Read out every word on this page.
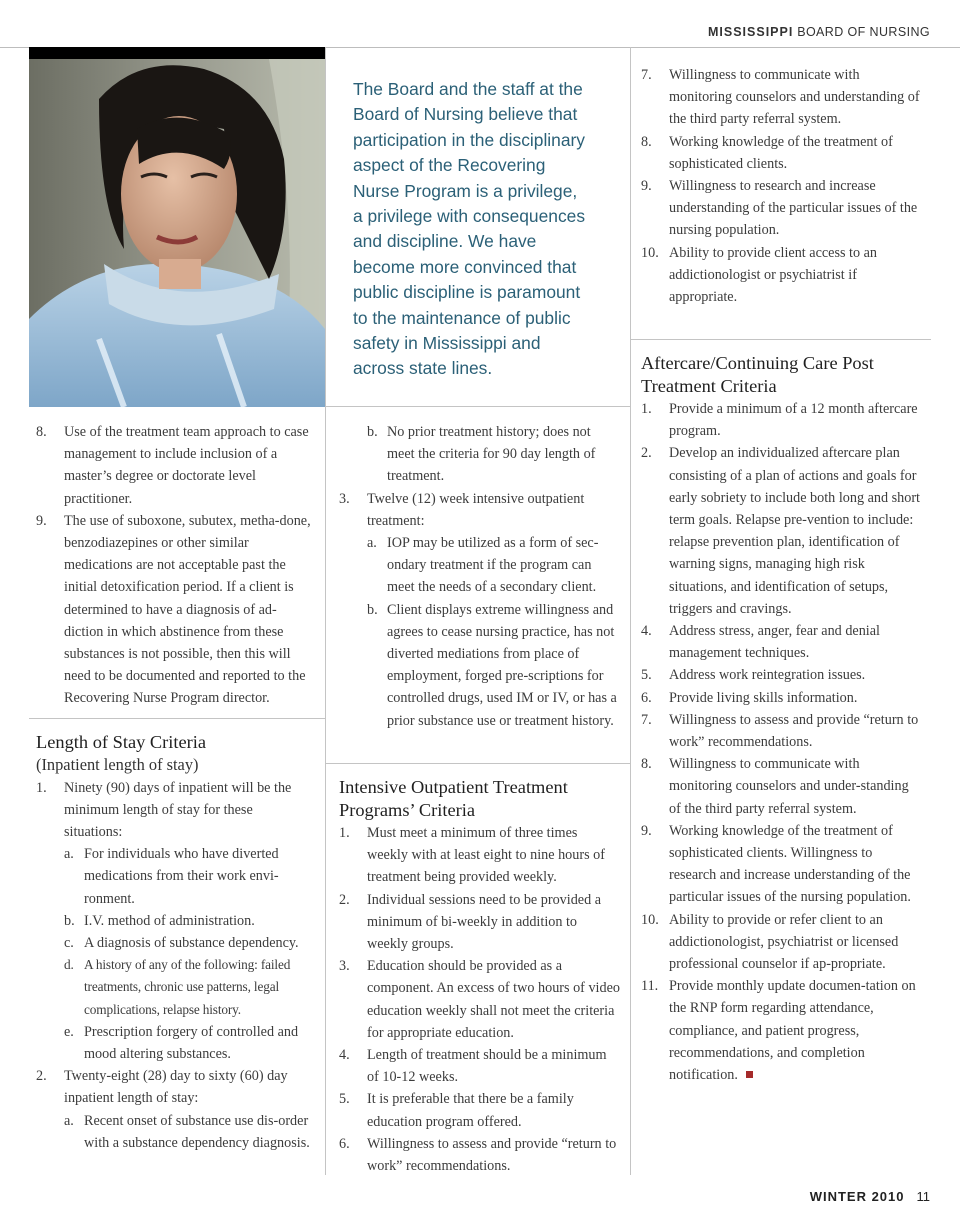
MISSISSIPPI BOARD OF NURSING
The Board and the staff at the
Board of Nursing believe that
participation in the disciplinary
aspect of the Recovering
Nurse Program is a privilege,
a privilege with consequences
and discipline. We have
become more convinced that
public discipline is paramount
to the maintenance of public
safety in Mississippi and
across state lines.
8. Use of the treatment team approach to case management to include inclusion of a master’s degree or doctorate level practitioner.
9. The use of suboxone, subutex, metha-done, benzodiazepines or other similar medications are not acceptable past the initial detoxification period. If a client is determined to have a diagnosis of ad-diction in which abstinence from these substances is not possible, then this will need to be documented and reported to the Recovering Nurse Program director.
Length of Stay Criteria
(Inpatient length of stay)
1. Ninety (90) days of inpatient will be the minimum length of stay for these situations:
a. For individuals who have diverted medications from their work envi-ronment.
b. I.V. method of administration.
c. A diagnosis of substance dependency.
d. A history of any of the following: failed treatments, chronic use patterns, legal complications, relapse history.
e. Prescription forgery of controlled and mood altering substances.
2. Twenty-eight (28) day to sixty (60) day inpatient length of stay:
a. Recent onset of substance use dis-order with a substance dependency diagnosis.
b. No prior treatment history; does not meet the criteria for 90 day length of treatment.
3. Twelve (12) week intensive outpatient treatment:
a. IOP may be utilized as a form of sec-ondary treatment if the program can meet the needs of a secondary client.
b. Client displays extreme willingness and agrees to cease nursing practice, has not diverted mediations from place of employment, forged pre-scriptions for controlled drugs, used IM or IV, or has a prior substance use or treatment history.
Intensive Outpatient Treatment
Programs’ Criteria
1. Must meet a minimum of three times weekly with at least eight to nine hours of treatment being provided weekly.
2. Individual sessions need to be provided a minimum of bi-weekly in addition to weekly groups.
3. Education should be provided as a component. An excess of two hours of video education weekly shall not meet the criteria for appropriate education.
4. Length of treatment should be a minimum of 10-12 weeks.
5. It is preferable that there be a family education program offered.
6. Willingness to assess and provide “return to work” recommendations.
7. Willingness to communicate with monitoring counselors and understanding of the third party referral system.
8. Working knowledge of the treatment of sophisticated clients.
9. Willingness to research and increase understanding of the particular issues of the nursing population.
10. Ability to provide client access to an addictionologist or psychiatrist if appropriate.
Aftercare/Continuing Care Post
Treatment Criteria
1. Provide a minimum of a 12 month aftercare program.
2. Develop an individualized aftercare plan consisting of a plan of actions and goals for early sobriety to include both long and short term goals. Relapse pre-vention to include: relapse prevention plan, identification of warning signs, managing high risk situations, and identification of setups, triggers and cravings.
4. Address stress, anger, fear and denial management techniques.
5. Address work reintegration issues.
6. Provide living skills information.
7. Willingness to assess and provide “return to work” recommendations.
8. Willingness to communicate with monitoring counselors and under-standing of the third party referral system.
9. Working knowledge of the treatment of sophisticated clients. Willingness to research and increase understanding of the particular issues of the nursing population.
10. Ability to provide or refer client to an addictionologist, psychiatrist or licensed professional counselor if ap-propriate.
11. Provide monthly update documen-tation on the RNP form regarding attendance, compliance, and patient progress, recommendations, and completion notification.
WINTER 2010 11
